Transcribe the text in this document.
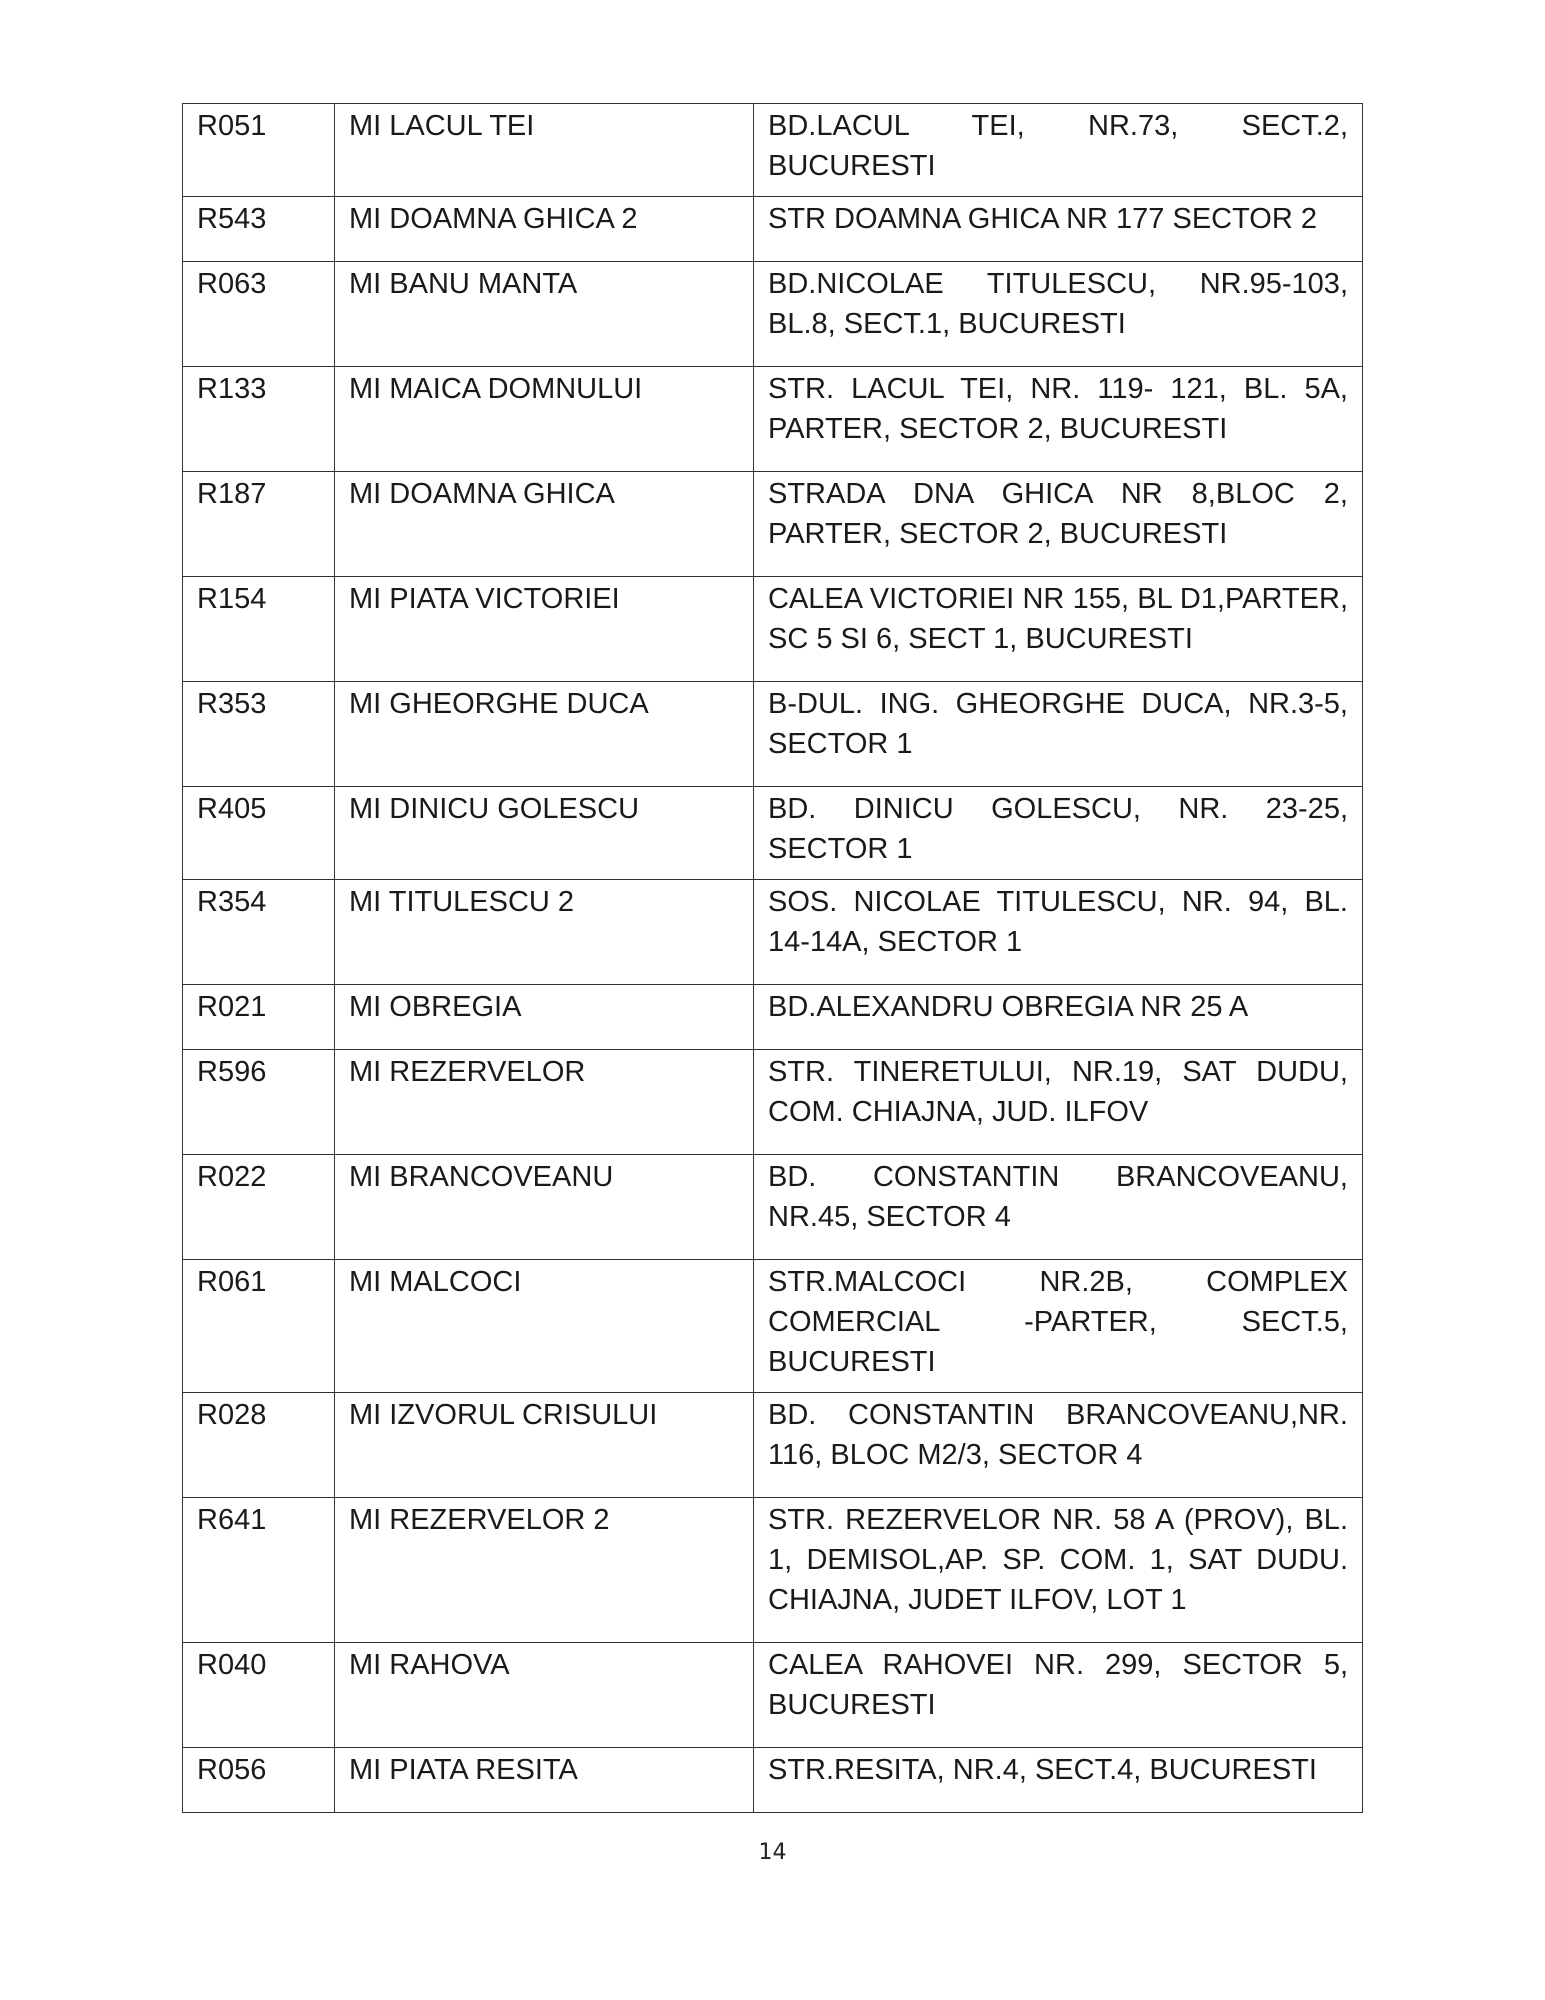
R051	MI LACUL TEI	BD.LACUL TEI, NR.73, SECT.2, BUCURESTI
R543	MI DOAMNA GHICA 2	STR DOAMNA GHICA NR 177 SECTOR 2
R063	MI BANU MANTA	BD.NICOLAE TITULESCU, NR.95-103, BL.8, SECT.1, BUCURESTI
R133	MI MAICA DOMNULUI	STR. LACUL TEI, NR. 119- 121, BL. 5A, PARTER, SECTOR 2, BUCURESTI
R187	MI DOAMNA GHICA	STRADA DNA GHICA NR 8,BLOC 2, PARTER, SECTOR 2, BUCURESTI
R154	MI PIATA VICTORIEI	CALEA VICTORIEI NR 155, BL D1,PARTER, SC 5 SI 6, SECT 1, BUCURESTI
R353	MI GHEORGHE DUCA	B-DUL. ING. GHEORGHE DUCA, NR.3-5, SECTOR 1
R405	MI DINICU GOLESCU	BD. DINICU GOLESCU, NR. 23-25, SECTOR 1
R354	MI TITULESCU 2	SOS. NICOLAE TITULESCU, NR. 94, BL. 14-14A, SECTOR 1
R021	MI OBREGIA	BD.ALEXANDRU OBREGIA NR 25 A
R596	MI REZERVELOR	STR. TINERETULUI, NR.19, SAT DUDU, COM. CHIAJNA, JUD. ILFOV
R022	MI BRANCOVEANU	BD. CONSTANTIN BRANCOVEANU, NR.45, SECTOR 4
R061	MI MALCOCI	STR.MALCOCI NR.2B, COMPLEX COMERCIAL -PARTER, SECT.5, BUCURESTI
R028	MI IZVORUL CRISULUI	BD. CONSTANTIN BRANCOVEANU,NR. 116, BLOC M2/3, SECTOR 4
R641	MI REZERVELOR 2	STR. REZERVELOR NR. 58 A (PROV), BL. 1, DEMISOL,AP. SP. COM. 1, SAT DUDU. CHIAJNA, JUDET ILFOV, LOT 1
R040	MI RAHOVA	CALEA RAHOVEI NR. 299, SECTOR 5, BUCURESTI
R056	MI PIATA RESITA	STR.RESITA, NR.4, SECT.4, BUCURESTI
14
